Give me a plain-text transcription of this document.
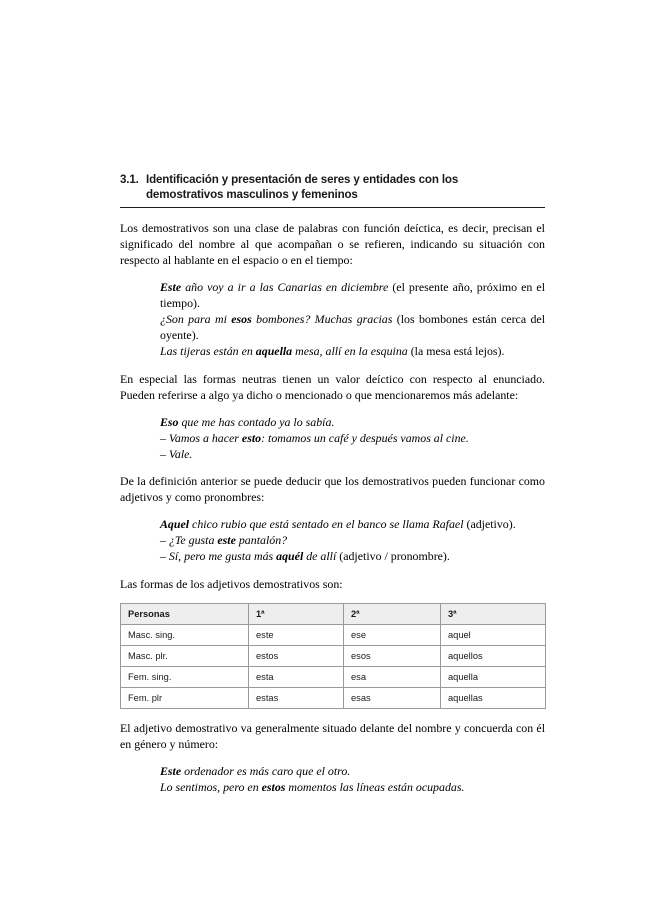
3.1. Identificación y presentación de seres y entidades con los
demostrativos masculinos y femeninos

Los demostrativos son una clase de palabras con función deíctica, es decir, precisan el significado del nombre al que acompañan o se refieren, indicando su situación con respecto al hablante en el espacio o en el tiempo:

Este año voy a ir a las Canarias en diciembre (el presente año, próximo en el tiempo).

¿Son para mi esos bombones? Muchas gracias (los bombones están cerca del oyente).

Las tijeras están en aquella mesa, allí en la esquina (la mesa está lejos).

En especial las formas neutras tienen un valor deíctico con respecto al enunciado. Pueden referirse a algo ya dicho o mencionado o que mencionaremos más adelante:

Eso que me has contado ya lo sabía.

– Vamos a hacer esto: tomamos un café y después vamos al cine.

– Vale.

De la definición anterior se puede deducir que los demostrativos pueden funcionar como adjetivos y como pronombres:

Aquel chico rubio que está sentado en el banco se llama Rafael (adjetivo).

– ¿Te gusta este pantalón?

– Sí, pero me gusta más aquél de allí (adjetivo / pronombre).

Las formas de los adjetivos demostrativos son:

Personas	1ª	2ª	3ª
Masc. sing.	este	ese	aquel
Masc. plr.	estos	esos	aquellos
Fem. sing.	esta	esa	aquella
Fem. plr	estas	esas	aquellas

El adjetivo demostrativo va generalmente situado delante del nombre y concuerda con él en género y número:

Este ordenador es más caro que el otro.

Lo sentimos, pero en estos momentos las líneas están ocupadas.
